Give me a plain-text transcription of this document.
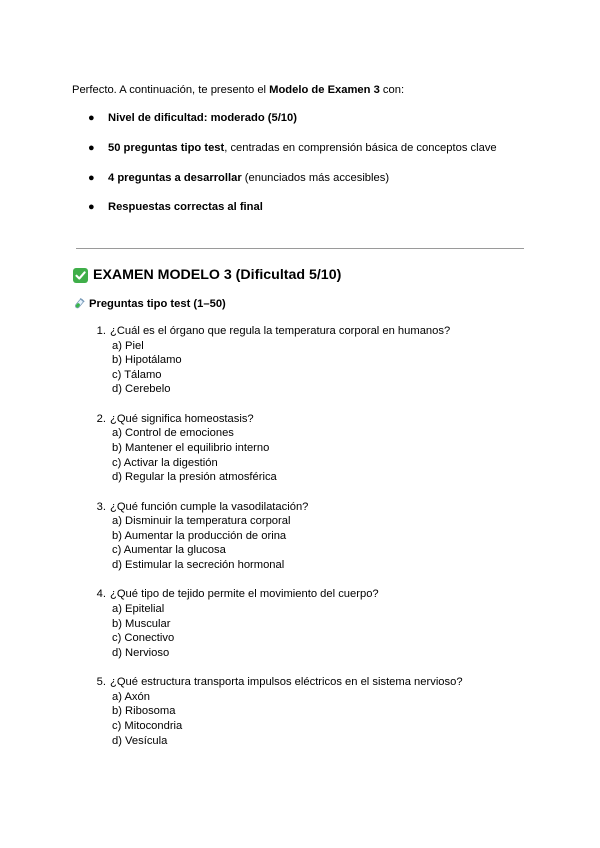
Perfecto. A continuación, te presento el Modelo de Examen 3 con:
● Nivel de dificultad: moderado (5/10)
● 50 preguntas tipo test, centradas en comprensión básica de conceptos clave
● 4 preguntas a desarrollar (enunciados más accesibles)
● Respuestas correctas al final
EXAMEN MODELO 3 (Dificultad 5/10)
Preguntas tipo test (1–50)
1. ¿Cuál es el órgano que regula la temperatura corporal en humanos?
a) Piel
b) Hipotálamo
c) Tálamo
d) Cerebelo
2. ¿Qué significa homeostasis?
a) Control de emociones
b) Mantener el equilibrio interno
c) Activar la digestión
d) Regular la presión atmosférica
3. ¿Qué función cumple la vasodilatación?
a) Disminuir la temperatura corporal
b) Aumentar la producción de orina
c) Aumentar la glucosa
d) Estimular la secreción hormonal
4. ¿Qué tipo de tejido permite el movimiento del cuerpo?
a) Epitelial
b) Muscular
c) Conectivo
d) Nervioso
5. ¿Qué estructura transporta impulsos eléctricos en el sistema nervioso?
a) Axón
b) Ribosoma
c) Mitocondria
d) Vesícula
